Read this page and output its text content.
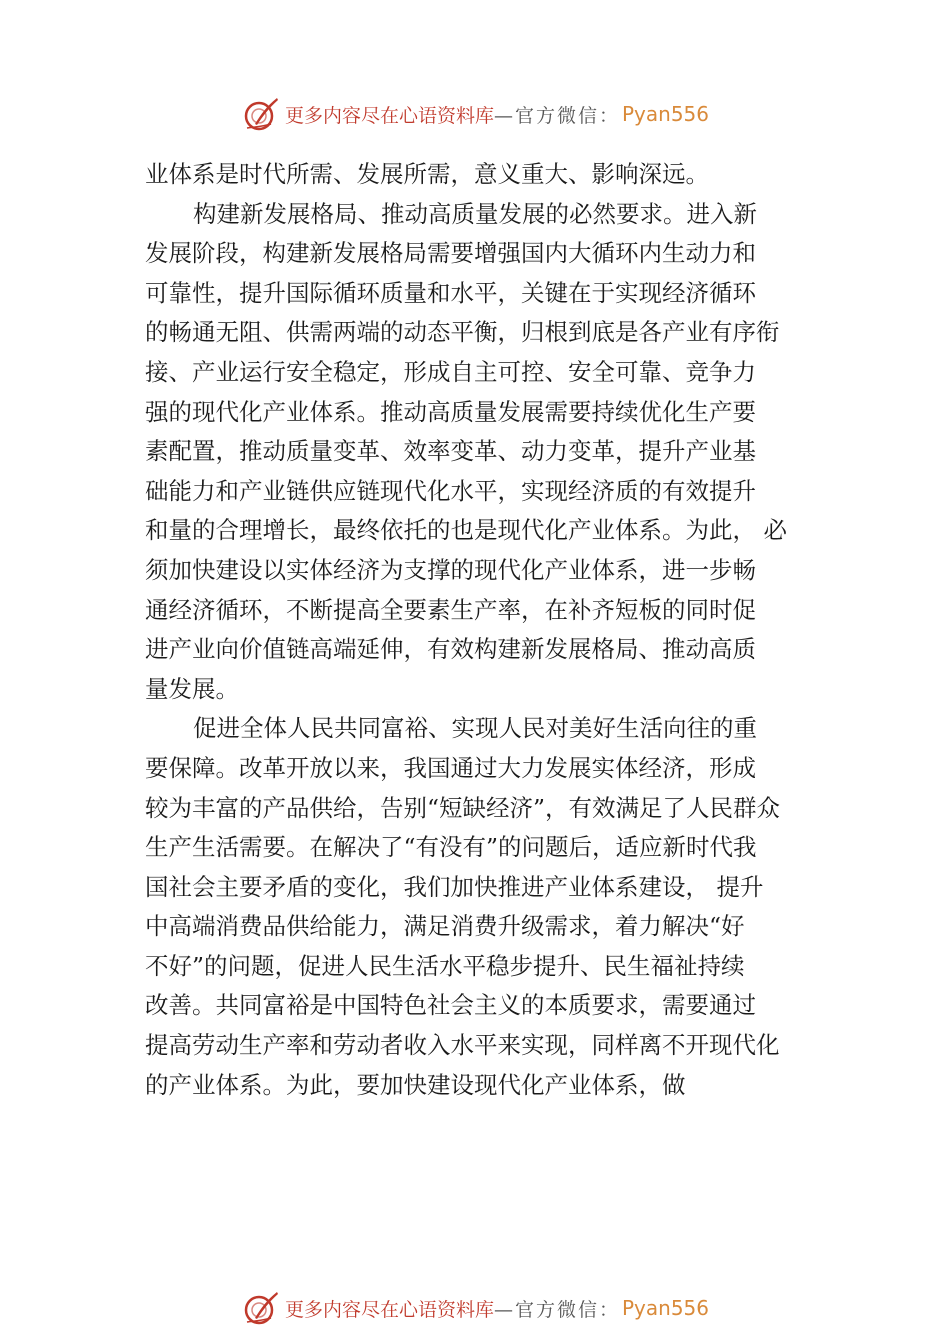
更多内容尽在心语资料库 —官方微信： Pyan556
业体系是时代所需、发展所需，意义重大、影响深远。
构建新发展格局、推动高质量发展的必然要求。进入新
发展阶段，构建新发展格局需要增强国内大循环内生动力和
可靠性，提升国际循环质量和水平，关键在于实现经济循环
的畅通无阻、供需两端的动态平衡，归根到底是各产业有序衔
接、产业运行安全稳定，形成自主可控、安全可靠、竞争力
强的现代化产业体系。推动高质量发展需要持续优化生产要
素配置，推动质量变革、效率变革、动力变革，提升产业基
础能力和产业链供应链现代化水平，实现经济质的有效提升
和量的合理增长，最终依托的也是现代化产业体系。为此， 必
须加快建设以实体经济为支撑的现代化产业体系，进一步畅
通经济循环，不断提高全要素生产率，在补齐短板的同时促
进产业向价值链高端延伸，有效构建新发展格局、推动高质
量发展。
促进全体人民共同富裕、实现人民对美好生活向往的重
要保障。改革开放以来，我国通过大力发展实体经济，形成
较为丰富的产品供给，告别“短缺经济”，有效满足了人民群众
生产生活需要。在解决了“有没有”的问题后，适应新时代我
国社会主要矛盾的变化，我们加快推进产业体系建设， 提升
中高端消费品供给能力，满足消费升级需求，着力解决“好
不好”的问题，促进人民生活水平稳步提升、民生福祉持续
改善。共同富裕是中国特色社会主义的本质要求，需要通过
提高劳动生产率和劳动者收入水平来实现，同样离不开现代化
的产业体系。为此，要加快建设现代化产业体系，做
更多内容尽在心语资料库 —官方微信： Pyan556
